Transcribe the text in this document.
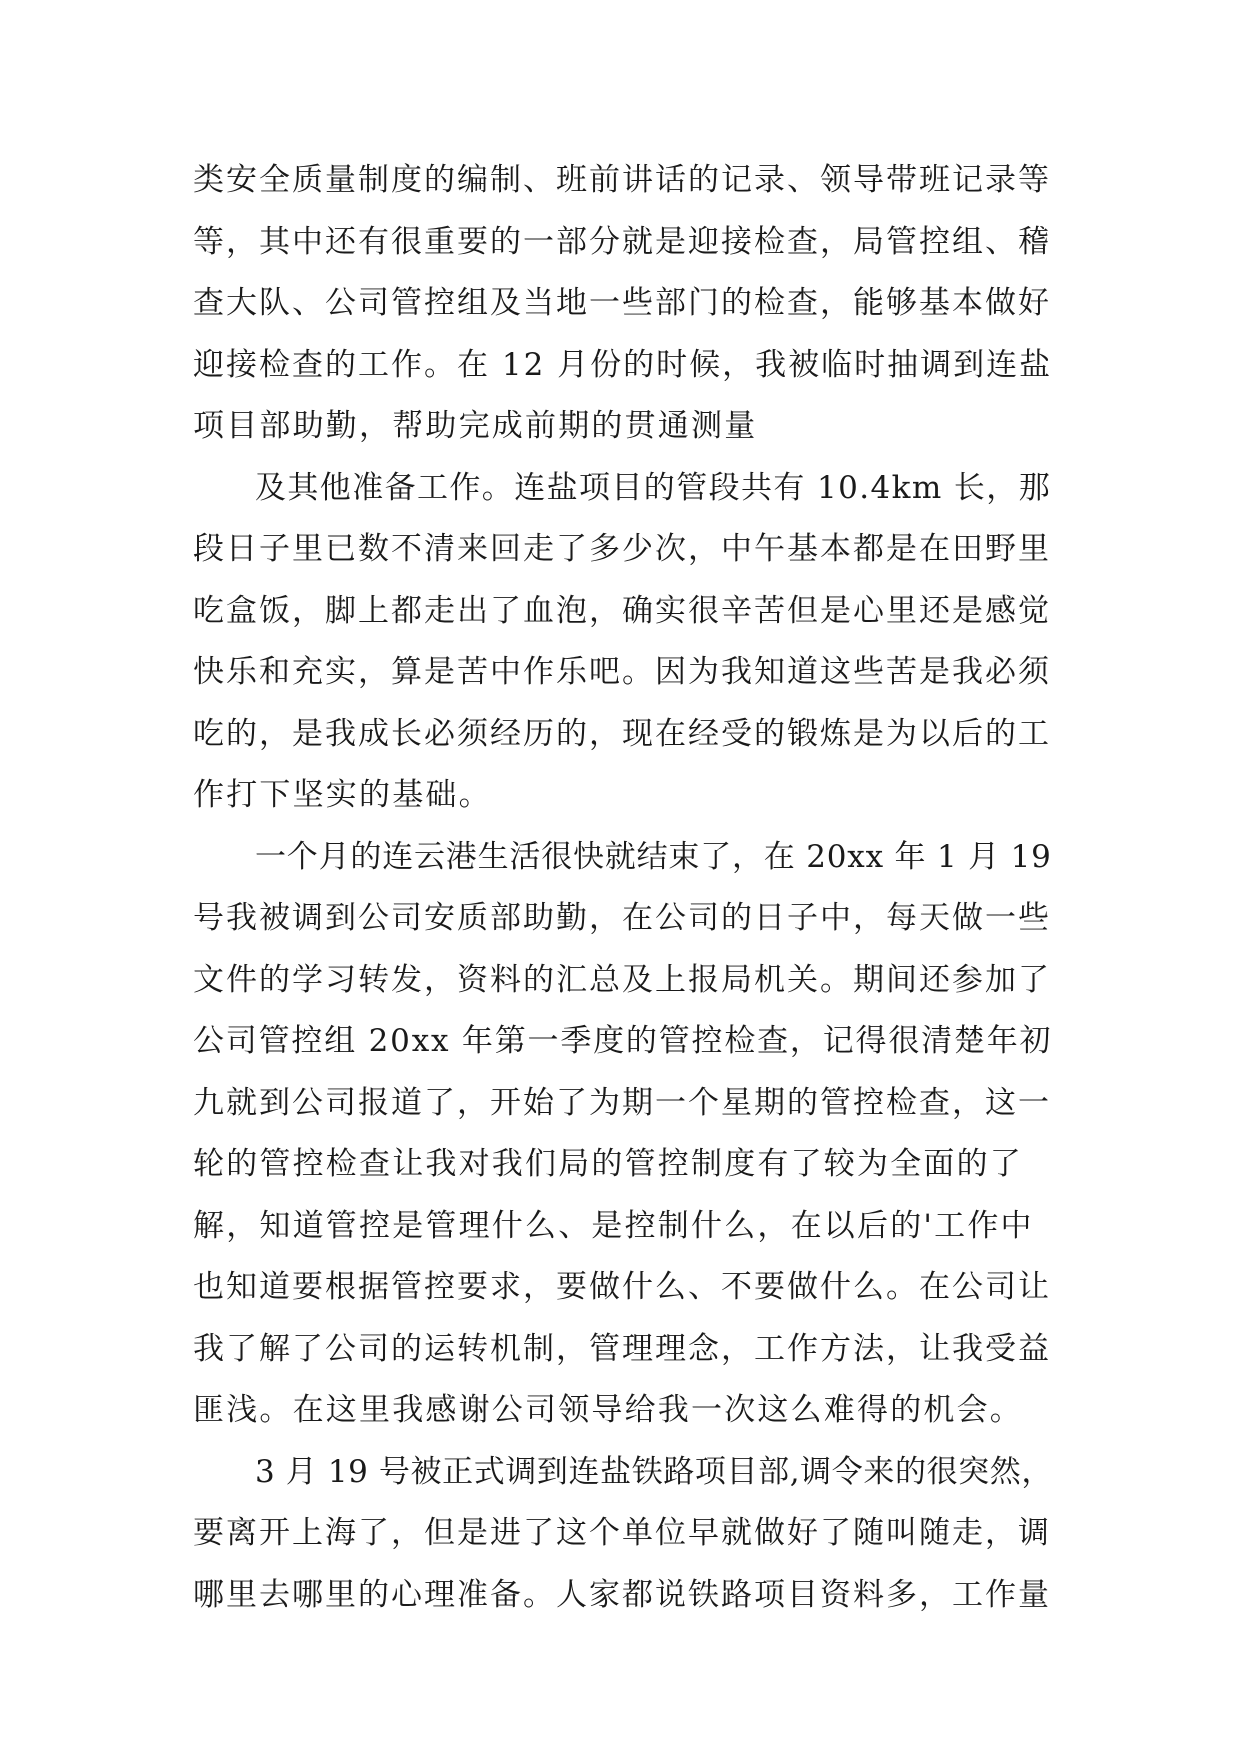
类安全质量制度的编制、班前讲话的记录、领导带班记录等
等，其中还有很重要的一部分就是迎接检查，局管控组、稽
查大队、公司管控组及当地一些部门的检查，能够基本做好
迎接检查的工作。在 12 月份的时候，我被临时抽调到连盐
项目部助勤，帮助完成前期的贯通测量
及其他准备工作。连盐项目的管段共有 10.4km 长，那
段日子里已数不清来回走了多少次，中午基本都是在田野里
吃盒饭，脚上都走出了血泡，确实很辛苦但是心里还是感觉
快乐和充实，算是苦中作乐吧。因为我知道这些苦是我必须
吃的，是我成长必须经历的，现在经受的锻炼是为以后的工
作打下坚实的基础。
一个月的连云港生活很快就结束了，在 20xx 年 1 月 19
号我被调到公司安质部助勤，在公司的日子中，每天做一些
文件的学习转发，资料的汇总及上报局机关。期间还参加了
公司管控组 20xx 年第一季度的管控检查，记得很清楚年初
九就到公司报道了，开始了为期一个星期的管控检查，这一
轮的管控检查让我对我们局的管控制度有了较为全面的了
解，知道管控是管理什么、是控制什么，在以后的'工作中
也知道要根据管控要求，要做什么、不要做什么。在公司让
我了解了公司的运转机制，管理理念，工作方法，让我受益
匪浅。在这里我感谢公司领导给我一次这么难得的机会。
3 月 19 号被正式调到连盐铁路项目部,调令来的很突然，
要离开上海了，但是进了这个单位早就做好了随叫随走，调
哪里去哪里的心理准备。人家都说铁路项目资料多，工作量
